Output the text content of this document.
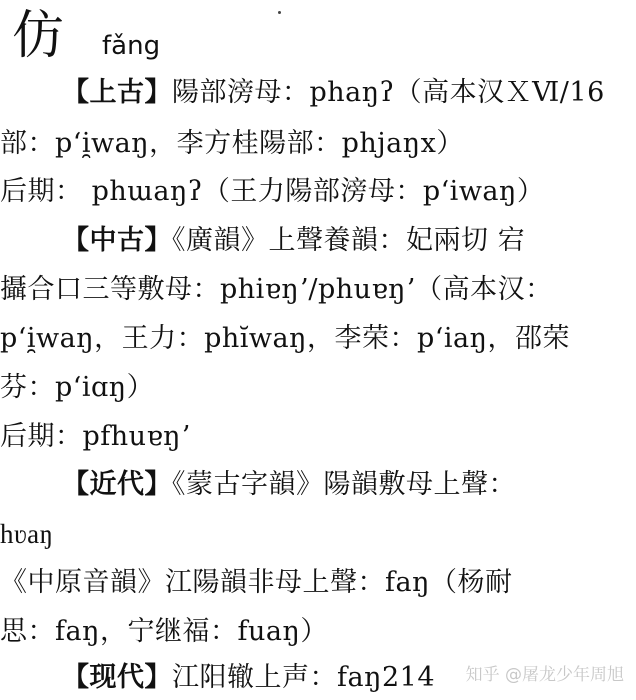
仿 fǎng
【上古】陽部滂母：phaŋʔ（高本汉ＸⅥ/16
部：pʻi̯waŋ，李方桂陽部：phjaŋx）
后期： phɯaŋʔ（王力陽部滂母：pʻiwaŋ）
【中古】《廣韻》上聲養韻：妃兩切 宕
攝合口三等敷母：phiɐŋʼ/phuɐŋʼ（高本汉：
pʻi̯waŋ，王力：phĭwaŋ，李荣：pʻiaŋ，邵荣
芬：pʻiɑŋ）
后期：pfhuɐŋʼ
【近代】《蒙古字韻》陽韻敷母上聲：
hʋaŋ
《中原音韻》江陽韻非母上聲：faŋ（杨耐
思：faŋ，宁继福：fuaŋ）
【现代】江阳辙上声：faŋ214 知乎 @屠龙少年周旭
